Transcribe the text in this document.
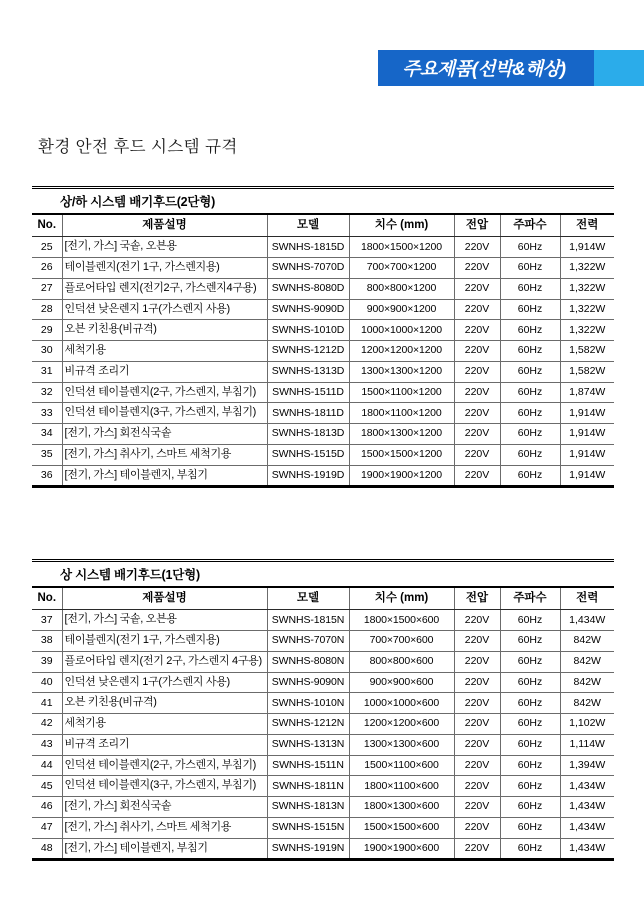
주요제품(선박&해상)
환경 안전 후드 시스템 규격
상/하 시스템 배기후드(2단형)
No.	제품설명	모델	치수 (mm)	전압	주파수	전력
25	[전기, 가스] 국솥, 오븐용	SWNHS-1815D	1800×1500×1200	220V	60Hz	1,914W
26	테이블렌지(전기 1구, 가스렌지용)	SWNHS-7070D	700×700×1200	220V	60Hz	1,322W
27	플로어타입 렌지(전기2구, 가스렌지4구용)	SWNHS-8080D	800×800×1200	220V	60Hz	1,322W
28	인덕션 낮은렌지 1구(가스렌지 사용)	SWNHS-9090D	900×900×1200	220V	60Hz	1,322W
29	오븐 키친용(비규격)	SWNHS-1010D	1000×1000×1200	220V	60Hz	1,322W
30	세척기용	SWNHS-1212D	1200×1200×1200	220V	60Hz	1,582W
31	비규격 조리기	SWNHS-1313D	1300×1300×1200	220V	60Hz	1,582W
32	인덕션 테이블렌지(2구, 가스렌지, 부침기)	SWNHS-1511D	1500×1100×1200	220V	60Hz	1,874W
33	인덕션 테이블렌지(3구, 가스렌지, 부침기)	SWNHS-1811D	1800×1100×1200	220V	60Hz	1,914W
34	[전기, 가스] 회전식국솥	SWNHS-1813D	1800×1300×1200	220V	60Hz	1,914W
35	[전기, 가스] 취사기, 스마트 세척기용	SWNHS-1515D	1500×1500×1200	220V	60Hz	1,914W
36	[전기, 가스] 테이블렌지, 부침기	SWNHS-1919D	1900×1900×1200	220V	60Hz	1,914W
상 시스템 배기후드(1단형)
No.	제품설명	모델	치수 (mm)	전압	주파수	전력
37	[전기, 가스] 국솥, 오븐용	SWNHS-1815N	1800×1500×600	220V	60Hz	1,434W
38	테이블렌지(전기 1구, 가스렌지용)	SWNHS-7070N	700×700×600	220V	60Hz	842W
39	플로어타입 렌지(전기 2구, 가스렌지 4구용)	SWNHS-8080N	800×800×600	220V	60Hz	842W
40	인덕션 낮은렌지 1구(가스렌지 사용)	SWNHS-9090N	900×900×600	220V	60Hz	842W
41	오븐 키친용(비규격)	SWNHS-1010N	1000×1000×600	220V	60Hz	842W
42	세척기용	SWNHS-1212N	1200×1200×600	220V	60Hz	1,102W
43	비규격 조리기	SWNHS-1313N	1300×1300×600	220V	60Hz	1,114W
44	인덕션 테이블렌지(2구, 가스렌지, 부침기)	SWNHS-1511N	1500×1100×600	220V	60Hz	1,394W
45	인덕션 테이블렌지(3구, 가스렌지, 부침기)	SWNHS-1811N	1800×1100×600	220V	60Hz	1,434W
46	[전기, 가스] 회전식국솥	SWNHS-1813N	1800×1300×600	220V	60Hz	1,434W
47	[전기, 가스] 취사기, 스마트 세척기용	SWNHS-1515N	1500×1500×600	220V	60Hz	1,434W
48	[전기, 가스] 테이블렌지, 부침기	SWNHS-1919N	1900×1900×600	220V	60Hz	1,434W
